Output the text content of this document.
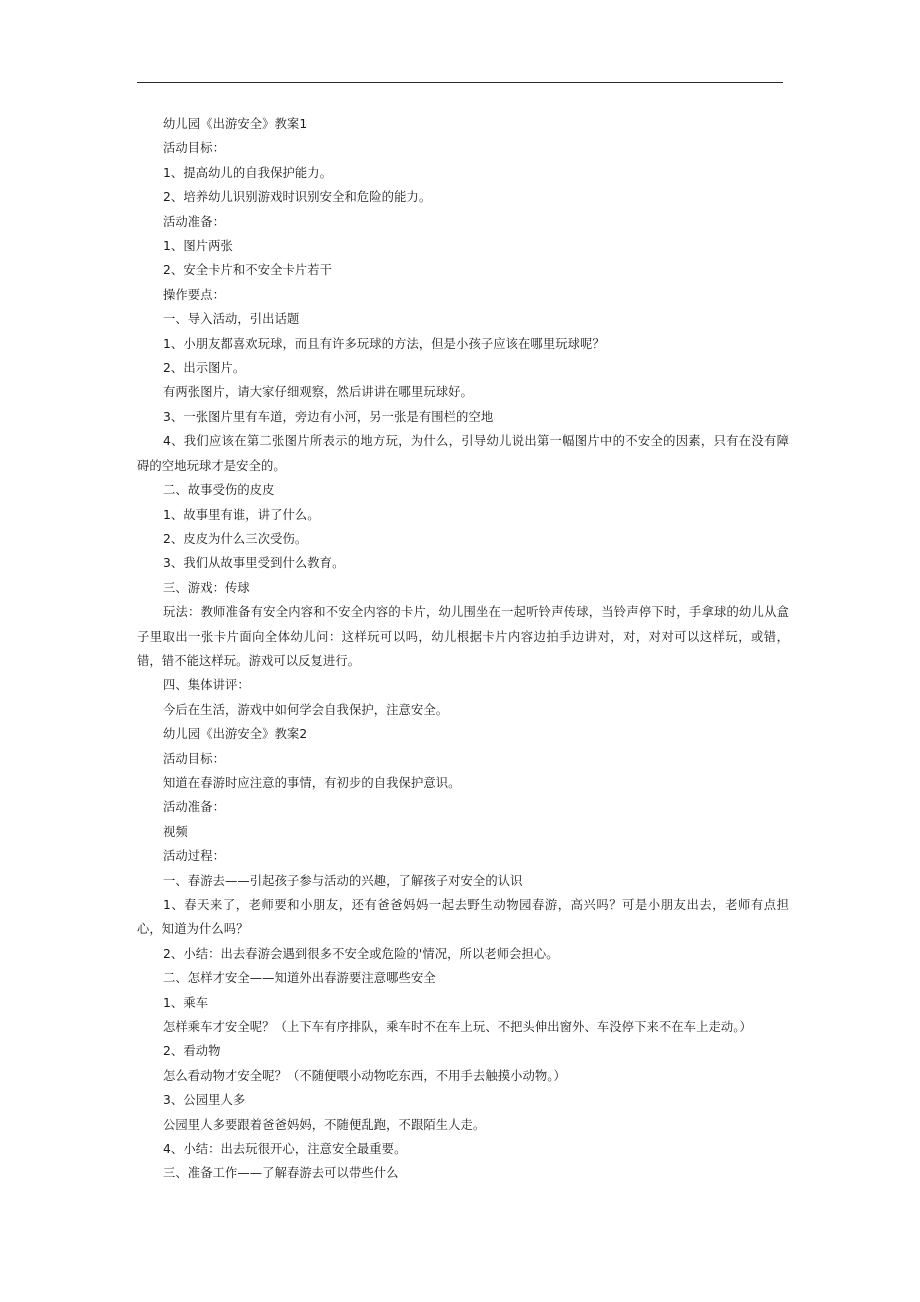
幼儿园《出游安全》教案1

活动目标：

1、提高幼儿的自我保护能力。

2、培养幼儿识别游戏时识别安全和危险的能力。

活动准备：

1、图片两张

2、安全卡片和不安全卡片若干

操作要点：

一、导入活动，引出话题

1、小朋友都喜欢玩球，而且有许多玩球的方法，但是小孩子应该在哪里玩球呢？

2、出示图片。

有两张图片，请大家仔细观察，然后讲讲在哪里玩球好。

3、一张图片里有车道，旁边有小河，另一张是有围栏的空地

4、我们应该在第二张图片所表示的地方玩，为什么，引导幼儿说出第一幅图片中的不安全的因素，只有在没有障碍的空地玩球才是安全的。

二、故事受伤的皮皮

1、故事里有谁，讲了什么。

2、皮皮为什么三次受伤。

3、我们从故事里受到什么教育。

三、游戏：传球

玩法：教师准备有安全内容和不安全内容的卡片，幼儿围坐在一起听铃声传球，当铃声停下时，手拿球的幼儿从盒子里取出一张卡片面向全体幼儿问：这样玩可以吗，幼儿根据卡片内容边拍手边讲对，对，对对可以这样玩，或错，错，错不能这样玩。游戏可以反复进行。

四、集体讲评：

今后在生活，游戏中如何学会自我保护，注意安全。

幼儿园《出游安全》教案2

活动目标：

知道在春游时应注意的事情，有初步的自我保护意识。

活动准备：

视频

活动过程：

一、春游去——引起孩子参与活动的兴趣，了解孩子对安全的认识

1、春天来了，老师要和小朋友，还有爸爸妈妈一起去野生动物园春游，高兴吗？可是小朋友出去，老师有点担心，知道为什么吗？

2、小结：出去春游会遇到很多不安全或危险的'情况，所以老师会担心。

二、怎样才安全——知道外出春游要注意哪些安全

1、乘车

怎样乘车才安全呢？（上下车有序排队，乘车时不在车上玩、不把头伸出窗外、车没停下来不在车上走动。）

2、看动物

怎么看动物才安全呢？（不随便喂小动物吃东西，不用手去触摸小动物。）

3、公园里人多

公园里人多要跟着爸爸妈妈，不随便乱跑，不跟陌生人走。

4、小结：出去玩很开心，注意安全最重要。

三、准备工作——了解春游去可以带些什么
